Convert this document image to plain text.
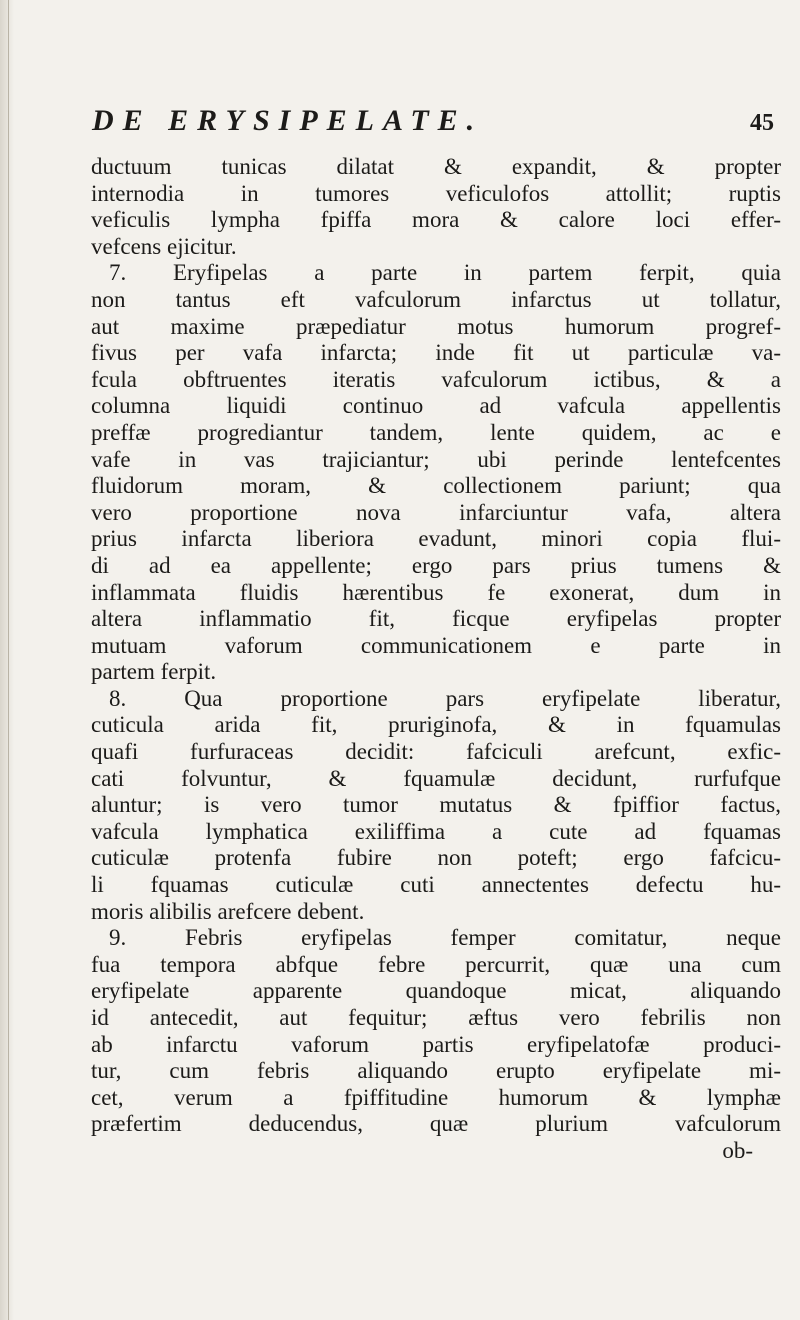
DE ERYSIPELATE.	45
ductuum tunicas dilatat & expandit, & propter
internodia in tumores veficulofos attollit; ruptis
veficulis lympha fpiffa mora & calore loci effer-
vefcens ejicitur.
7. Eryfipelas a parte in partem ferpit, quia
non tantus eft vafculorum infarctus ut tollatur,
aut maxime præpediatur motus humorum progref-
fivus per vafa infarcta; inde fit ut particulæ va-
fcula obftruentes iteratis vafculorum ictibus, & a
columna liquidi continuo ad vafcula appellentis
preffæ progrediantur tandem, lente quidem, ac e
vafe in vas trajiciantur; ubi perinde lentefcentes
fluidorum moram, & collectionem pariunt; qua
vero proportione nova infarciuntur vafa, altera
prius infarcta liberiora evadunt, minori copia flui-
di ad ea appellente; ergo pars prius tumens &
inflammata fluidis hærentibus fe exonerat, dum in
altera inflammatio fit, ficque eryfipelas propter
mutuam vaforum communicationem e parte in
partem ferpit.
8. Qua proportione pars eryfipelate liberatur,
cuticula arida fit, pruriginofa, & in fquamulas
quafi furfuraceas decidit: fafciculi arefcunt, exfic-
cati folvuntur, & fquamulæ decidunt, rurfufque
aluntur; is vero tumor mutatus & fpiffior factus,
vafcula lymphatica exiliffima a cute ad fquamas
cuticulæ protenfa fubire non poteft; ergo fafcicu-
li fquamas cuticulæ cuti annectentes defectu hu-
moris alibilis arefcere debent.
9. Febris eryfipelas femper comitatur, neque
fua tempora abfque febre percurrit, quæ una cum
eryfipelate apparente quandoque micat, aliquando
id antecedit, aut fequitur; æftus vero febrilis non
ab infarctu vaforum partis eryfipelatofæ produci-
tur, cum febris aliquando erupto eryfipelate mi-
cet, verum a fpiffitudine humorum & lymphæ
præfertim deducendus, quæ plurium vafculorum
ob-
